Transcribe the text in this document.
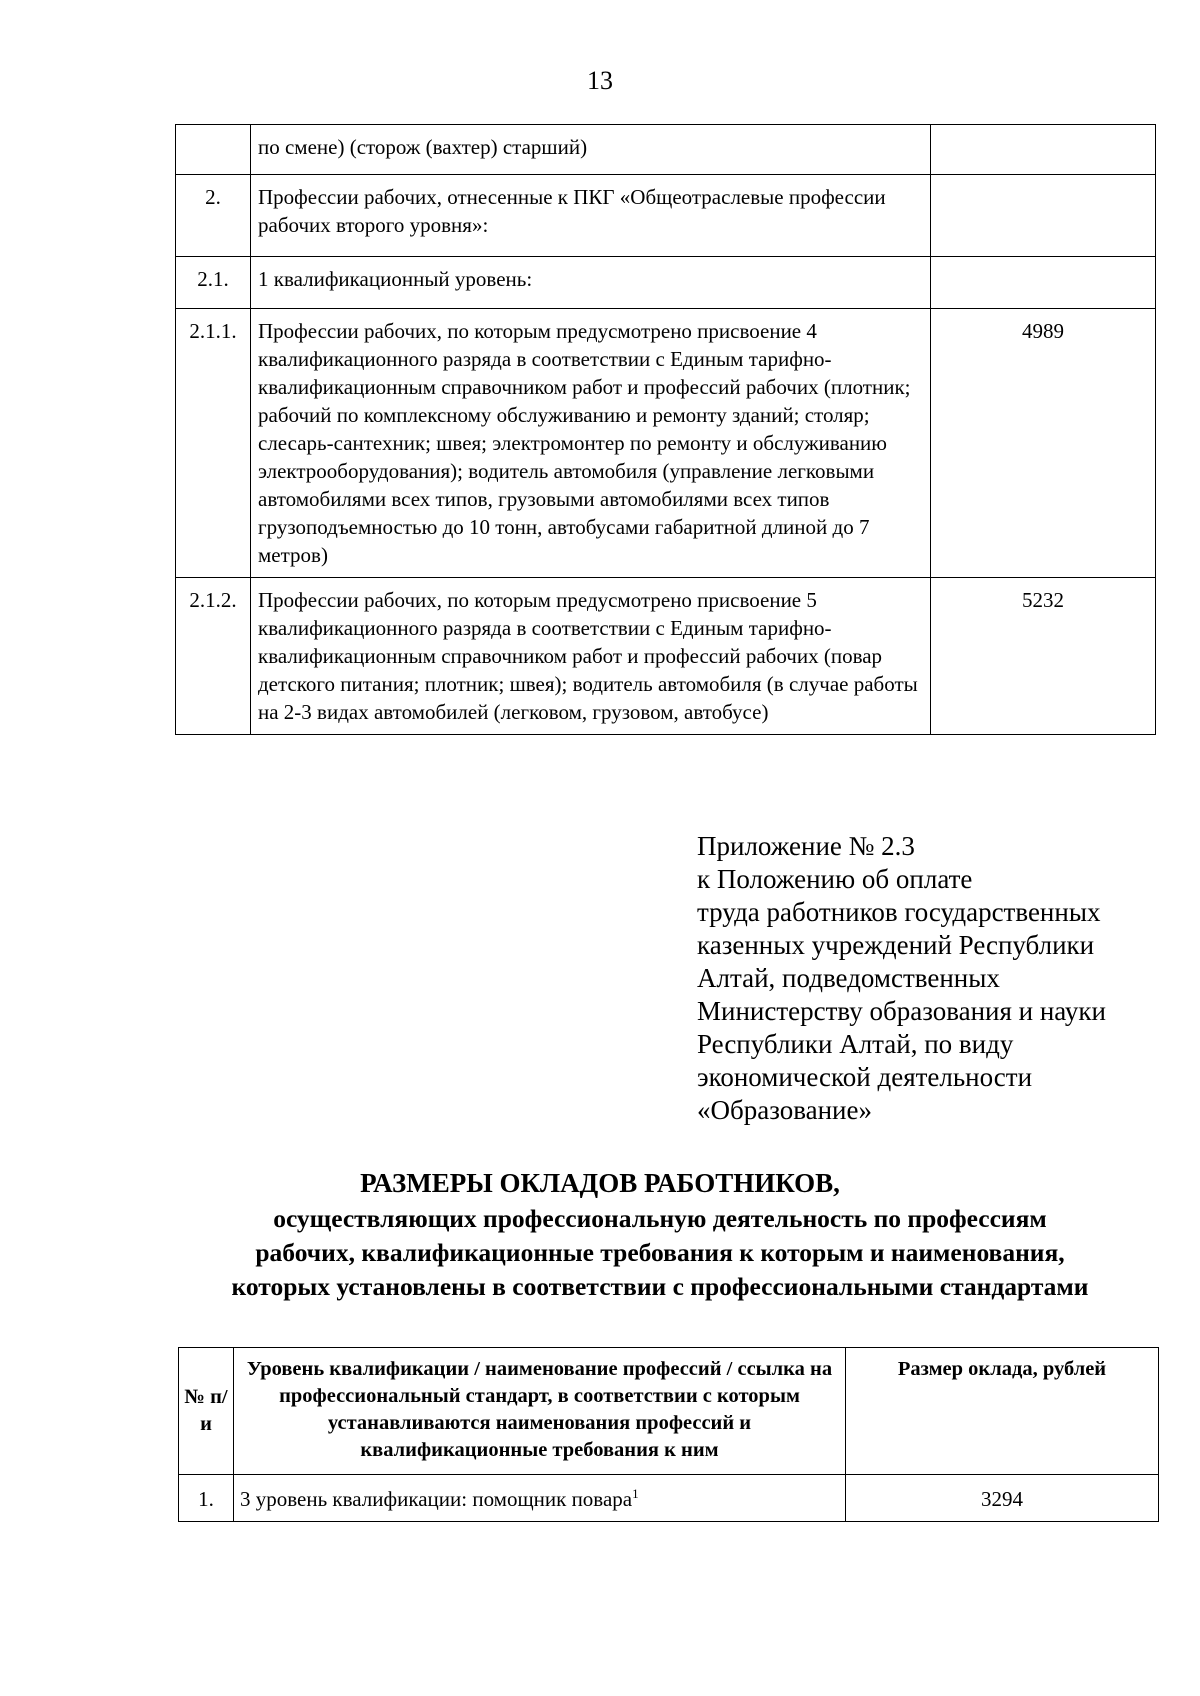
13
	по смене) (сторож (вахтер) старший)	
2.	Профессии рабочих, отнесенные к ПКГ «Общеотраслевые профессии рабочих второго уровня»:	
2.1.	1 квалификационный уровень:	
2.1.1.	Профессии рабочих, по которым предусмотрено присвоение 4 квалификационного разряда в соответствии с Единым тарифно-квалификационным справочником работ и профессий рабочих (плотник; рабочий по комплексному обслуживанию и ремонту зданий; столяр; слесарь-сантехник; швея; электромонтер по ремонту и обслуживанию электрооборудования); водитель автомобиля (управление легковыми автомобилями всех типов, грузовыми автомобилями всех типов грузоподъемностью до 10 тонн, автобусами габаритной длиной до 7 метров)	4989
2.1.2.	Профессии рабочих, по которым предусмотрено присвоение 5 квалификационного разряда в соответствии с Единым тарифно-квалификационным справочником работ и профессий рабочих (повар детского питания; плотник; швея); водитель автомобиля (в случае работы на 2-3 видах автомобилей (легковом, грузовом, автобусе)	5232
Приложение № 2.3
к Положению об оплате
труда работников государственных
казенных учреждений Республики
Алтай, подведомственных
Министерству образования и науки
Республики Алтай, по виду
экономической деятельности
«Образование»
РАЗМЕРЫ ОКЛАДОВ РАБОТНИКОВ,
осуществляющих профессиональную деятельность по профессиям
рабочих, квалификационные требования к которым и наименования,
которых установлены в соответствии с профессиональными стандартами
№ п/и	Уровень квалификации / наименование профессий / ссылка на профессиональный стандарт, в соответствии с которым устанавливаются наименования профессий и квалификационные требования к ним	Размер оклада, рублей
1.	3 уровень квалификации: помощник повара$^1$	3294
